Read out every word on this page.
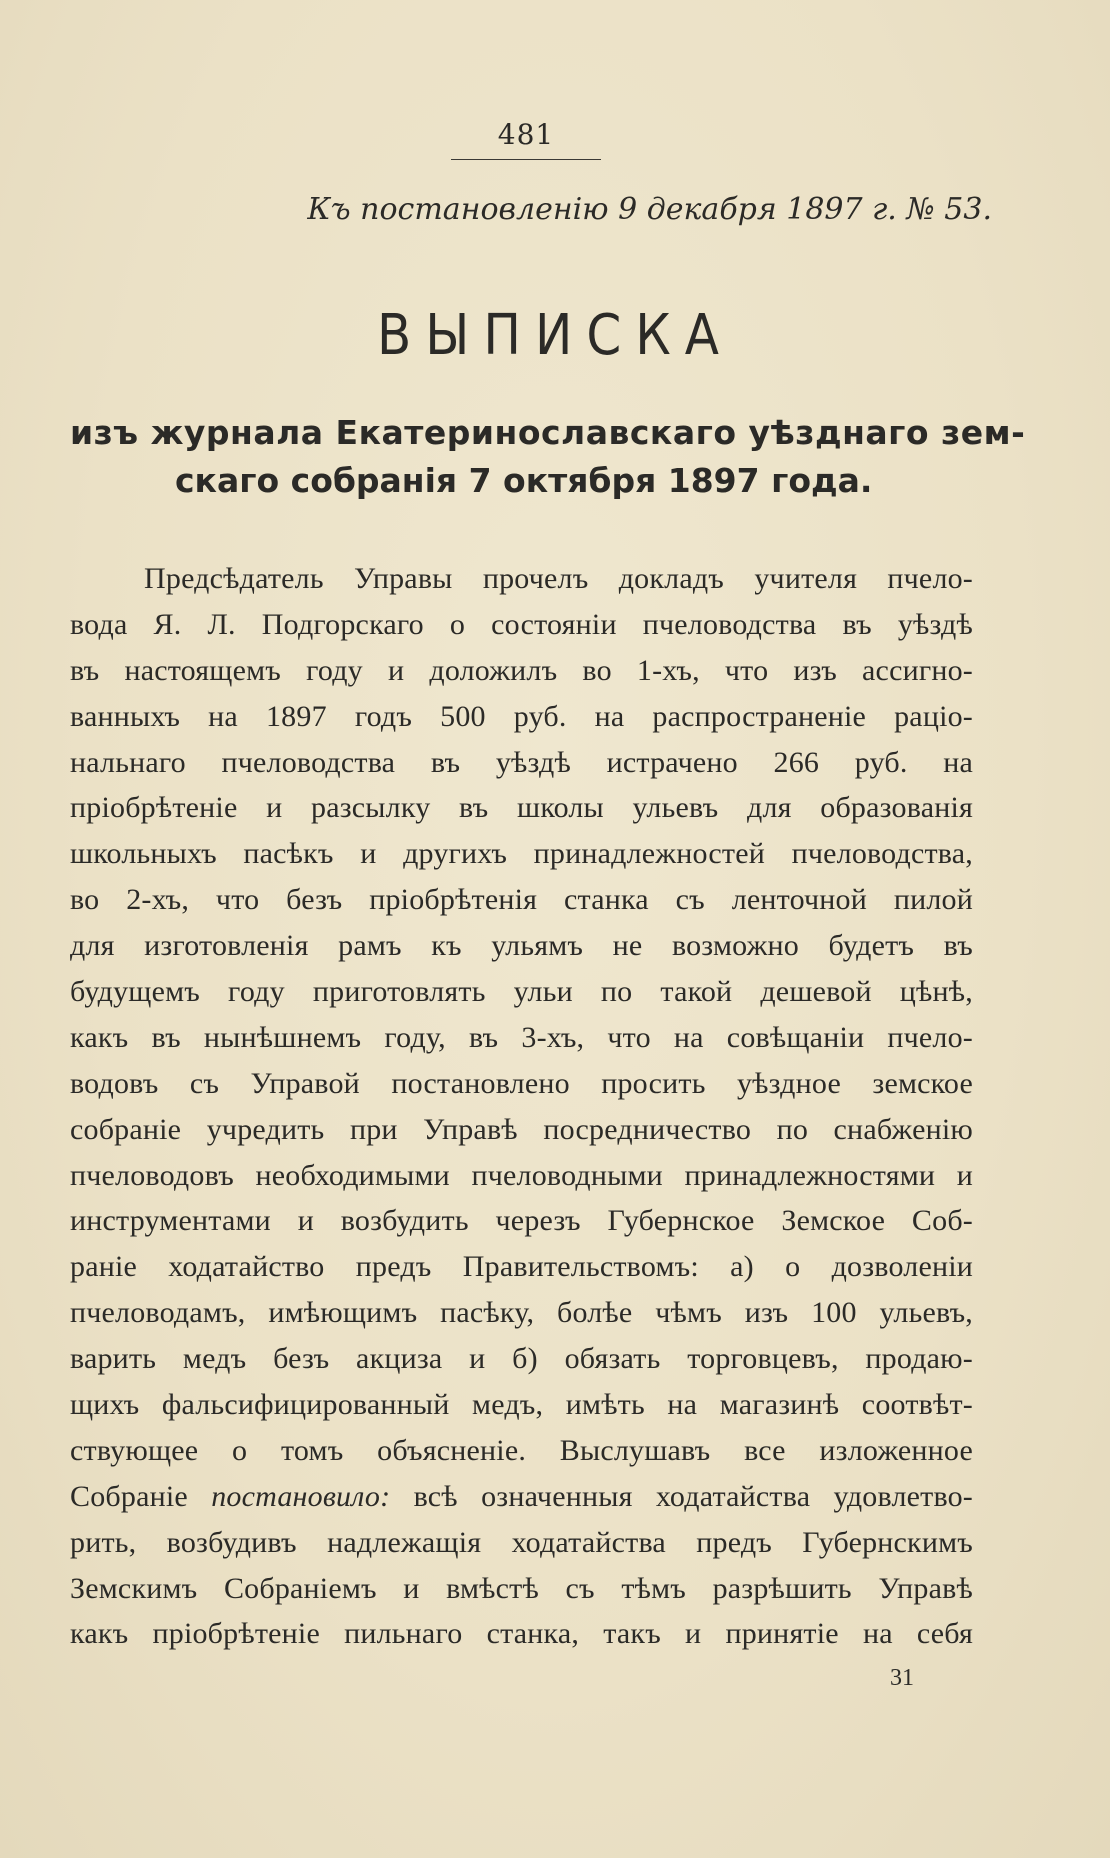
481
Къ постановленію 9 декабря 1897 г. № 53.
ВЫПИСКА
изъ журнала Екатеринославскаго уѣзднаго зем-
скаго собранія 7 октября 1897 года.
Предсѣдатель Управы прочелъ докладъ учителя пчело-
вода Я. Л. Подгорскаго о состояніи пчеловодства въ уѣздѣ
въ настоящемъ году и доложилъ во 1-хъ, что изъ ассигно-
ванныхъ на 1897 годъ 500 руб. на распространеніе раціо-
нальнаго пчеловодства въ уѣздѣ истрачено 266 руб. на
пріобрѣтеніе и разсылку въ школы ульевъ для образованія
школьныхъ пасѣкъ и другихъ принадлежностей пчеловодства,
во 2-хъ, что безъ пріобрѣтенія станка съ ленточной пилой
для изготовленія рамъ къ ульямъ не возможно будетъ въ
будущемъ году приготовлять ульи по такой дешевой цѣнѣ,
какъ въ нынѣшнемъ году, въ 3-хъ, что на совѣщаніи пчело-
водовъ съ Управой постановлено просить уѣздное земское
собраніе учредить при Управѣ посредничество по снабженію
пчеловодовъ необходимыми пчеловодными принадлежностями и
инструментами и возбудить черезъ Губернское Земское Соб-
раніе ходатайство предъ Правительствомъ: а) о дозволеніи
пчеловодамъ, имѣющимъ пасѣку, болѣе чѣмъ изъ 100 ульевъ,
варить медъ безъ акциза и б) обязать торговцевъ, продаю-
щихъ фальсифицированный медъ, имѣть на магазинѣ соотвѣт-
ствующее о томъ объясненіе. Выслушавъ все изложенное
Собраніе постановило: всѣ означенныя ходатайства удовлетво-
рить, возбудивъ надлежащія ходатайства предъ Губернскимъ
Земскимъ Собраніемъ и вмѣстѣ съ тѣмъ разрѣшить Управѣ
какъ пріобрѣтеніе пильнаго станка, такъ и принятіе на себя
31
